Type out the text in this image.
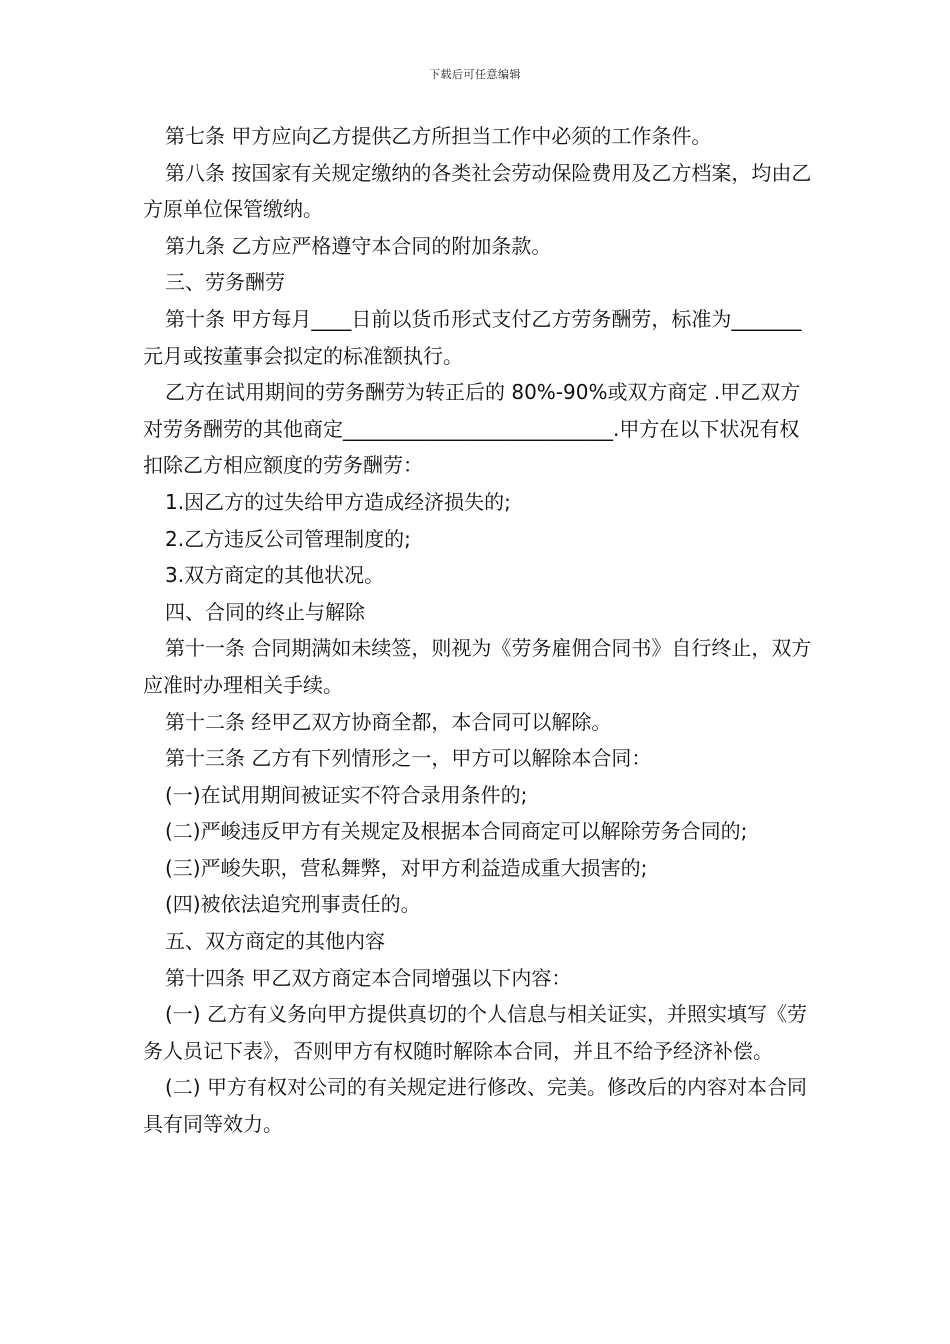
下载后可任意编辑

第七条 甲方应向乙方提供乙方所担当工作中必须的工作条件。

第八条 按国家有关规定缴纳的各类社会劳动保险费用及乙方档案，均由乙方原单位保管缴纳。

第九条 乙方应严格遵守本合同的附加条款。

三、劳务酬劳

第十条 甲方每月____日前以货币形式支付乙方劳务酬劳，标准为_______元月或按董事会拟定的标准额执行。

乙方在试用期间的劳务酬劳为转正后的 80%-90%或双方商定 .甲乙双方对劳务酬劳的其他商定___________________________.甲方在以下状况有权扣除乙方相应额度的劳务酬劳：

1.因乙方的过失给甲方造成经济损失的;

2.乙方违反公司管理制度的;

3.双方商定的其他状况。

四、合同的终止与解除

第十一条 合同期满如未续签，则视为《劳务雇佣合同书》自行终止，双方应准时办理相关手续。

第十二条 经甲乙双方协商全都，本合同可以解除。

第十三条 乙方有下列情形之一，甲方可以解除本合同：

(一)在试用期间被证实不符合录用条件的;

(二)严峻违反甲方有关规定及根据本合同商定可以解除劳务合同的;

(三)严峻失职，营私舞弊，对甲方利益造成重大损害的;

(四)被依法追究刑事责任的。

五、双方商定的其他内容

第十四条 甲乙双方商定本合同增强以下内容：

(一) 乙方有义务向甲方提供真切的个人信息与相关证实，并照实填写《劳务人员记下表》，否则甲方有权随时解除本合同，并且不给予经济补偿。

(二) 甲方有权对公司的有关规定进行修改、完美。修改后的内容对本合同具有同等效力。
